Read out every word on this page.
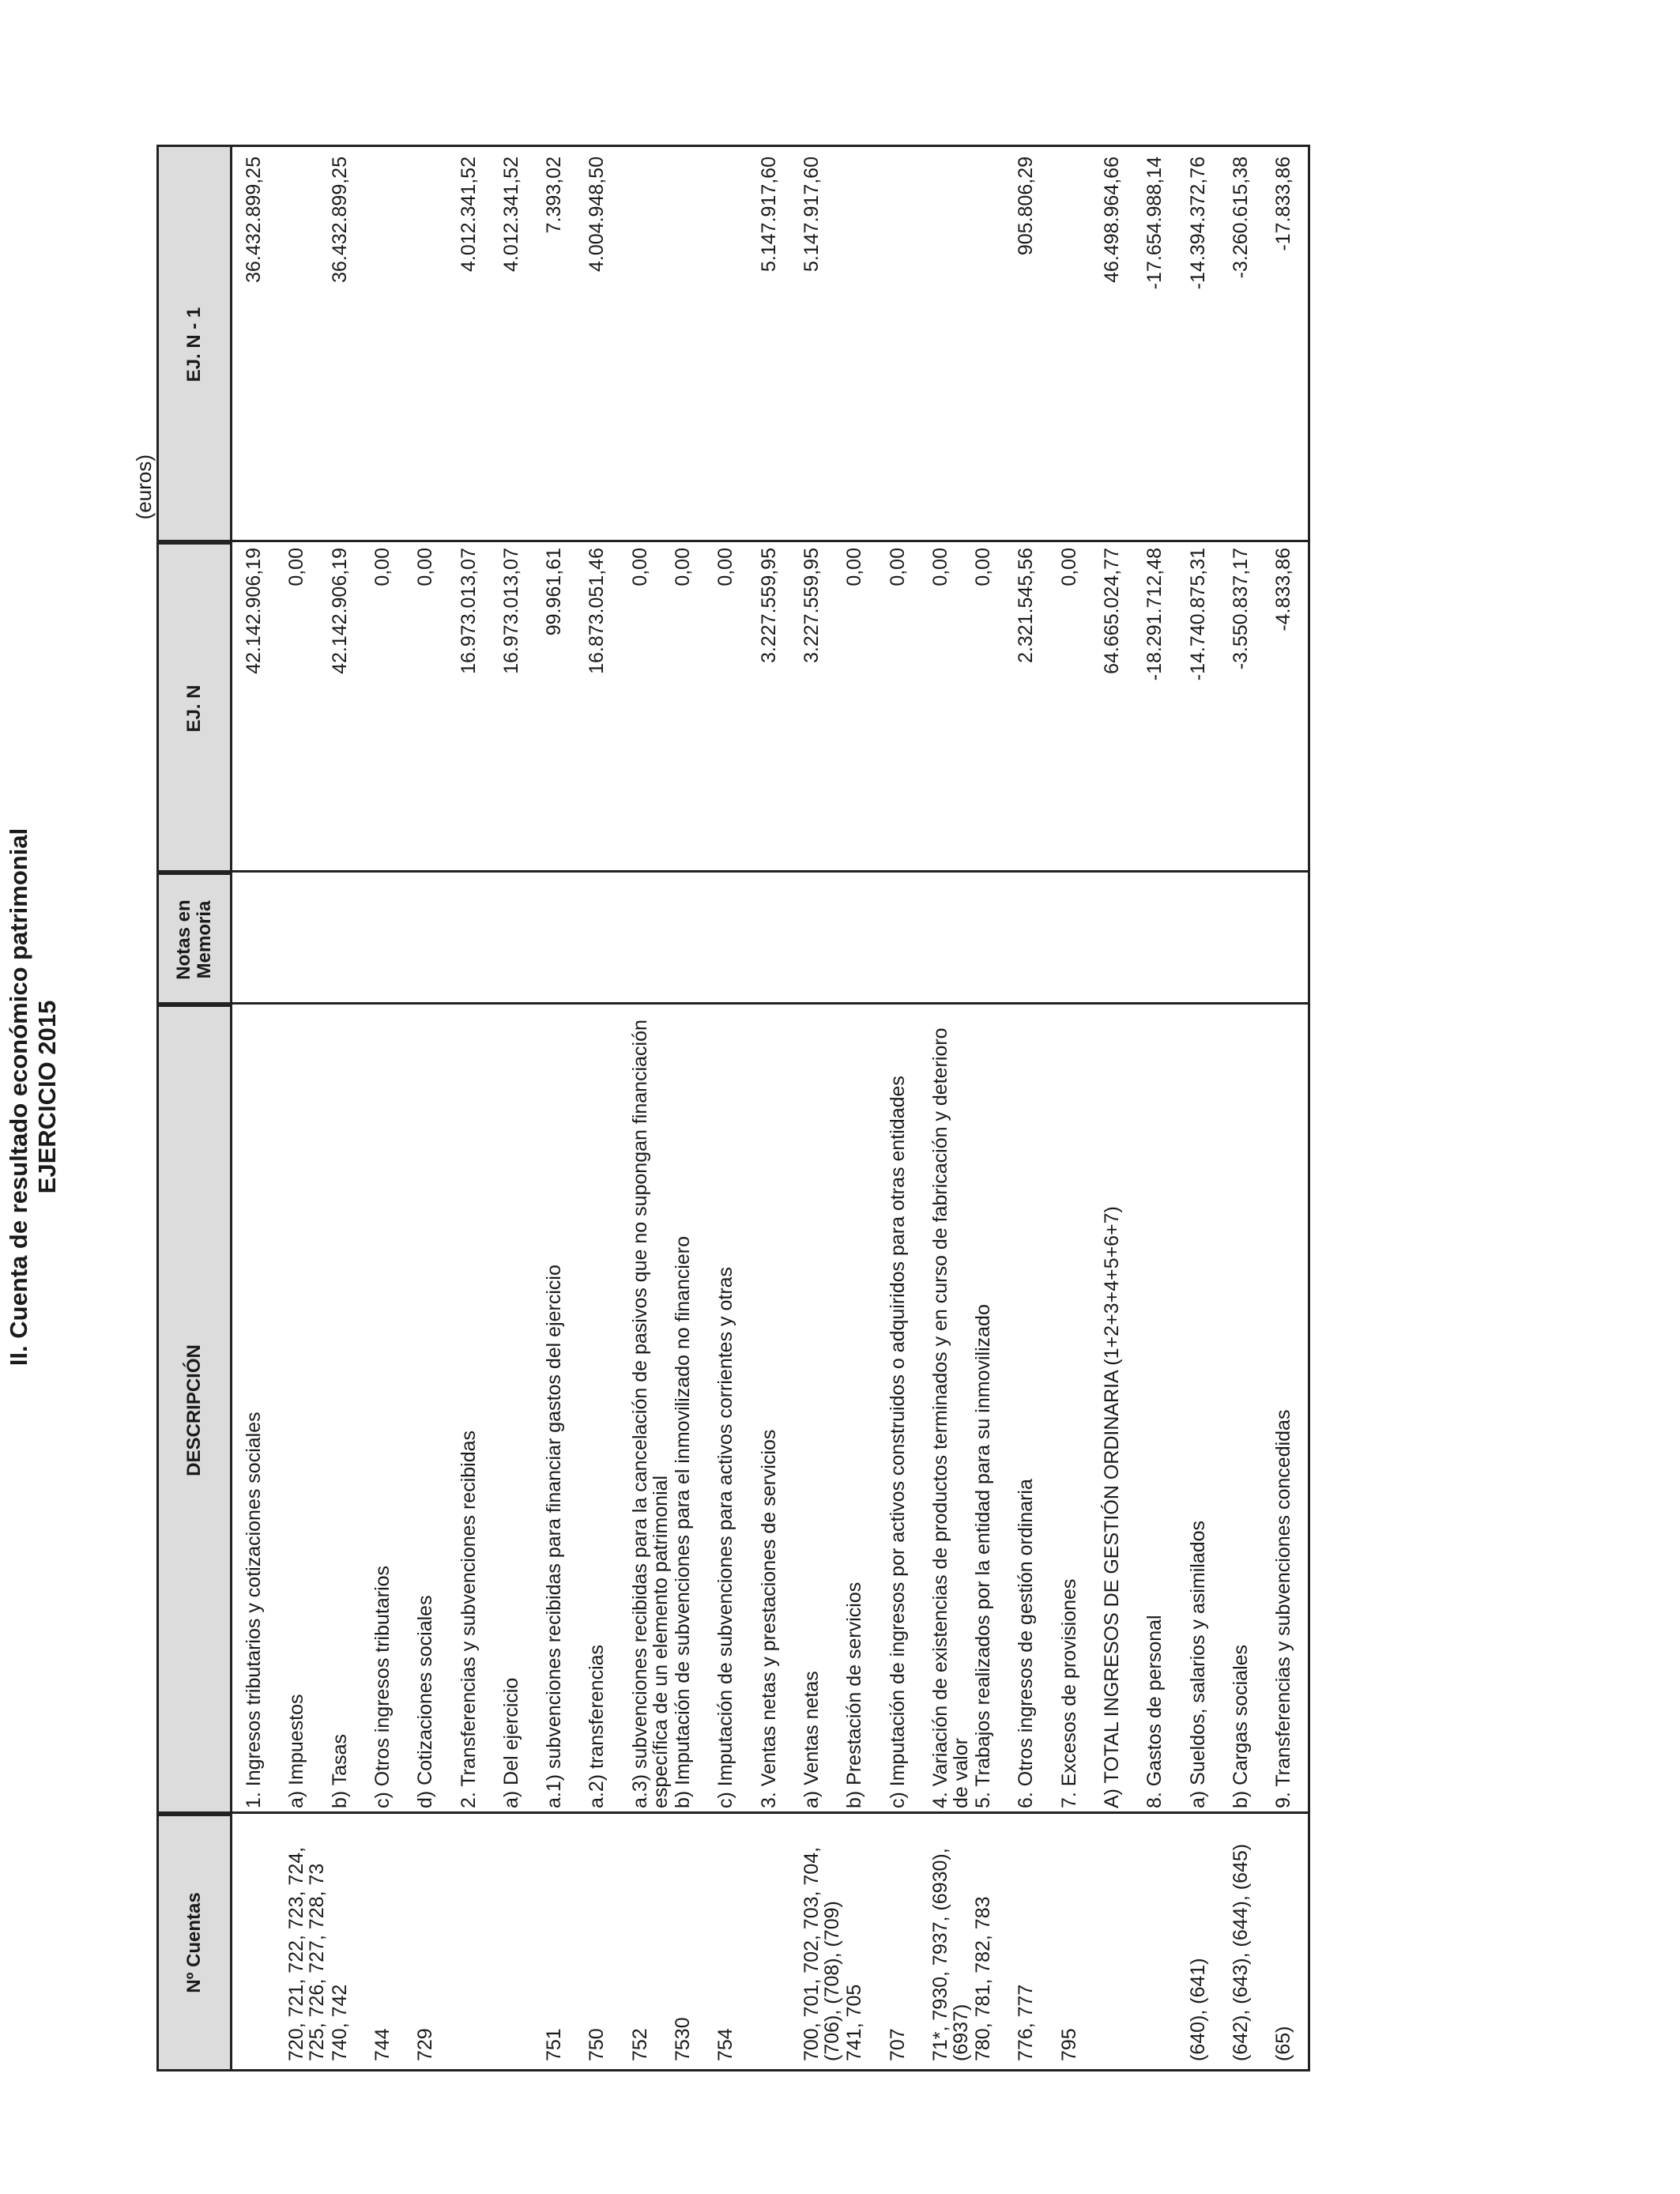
II. Cuenta de resultado económico patrimonial EJERCICIO 2015
(euros)
Nº Cuentas
DESCRIPCIÓN
Notas en Memoria
EJ. N
EJ. N - 1
1. Ingresos tributarios y cotizaciones sociales
42.142.906,19
36.432.899,25
720, 721, 722, 723, 724, 725, 726, 727, 728, 73
a) Impuestos
0,00
740, 742
b) Tasas
42.142.906,19
36.432.899,25
744
c) Otros ingresos tributarios
0,00
729
d) Cotizaciones sociales
0,00
2. Transferencias y subvenciones recibidas
16.973.013,07
4.012.341,52
a) Del ejercicio
16.973.013,07
4.012.341,52
751
a.1) subvenciones recibidas para financiar gastos del ejercicio
99.961,61
7.393,02
750
a.2) transferencias
16.873.051,46
4.004.948,50
752
a.3) subvenciones recibidas para la cancelación de pasivos que no supongan financiación específica de un elemento patrimonial
0,00
7530
b) Imputación de subvenciones para el inmovilizado no financiero
0,00
754
c) Imputación de subvenciones para activos corrientes y otras
0,00
3. Ventas netas y prestaciones de servicios
3.227.559,95
5.147.917,60
700, 701, 702, 703, 704, (706), (708), (709)
a) Ventas netas
3.227.559,95
5.147.917,60
741, 705
b) Prestación de servicios
0,00
707
c) Imputación de ingresos por activos construidos o adquiridos para otras entidades
0,00
71*, 7930, 7937, (6930), (6937)
4. Variación de existencias de productos terminados y en curso de fabricación y deterioro de valor
0,00
780, 781, 782, 783
5. Trabajos realizados por la entidad para su inmovilizado
0,00
776, 777
6. Otros ingresos de gestión ordinaria
2.321.545,56
905.806,29
795
7. Excesos de provisiones
0,00
A) TOTAL INGRESOS DE GESTIÓN ORDINARIA (1+2+3+4+5+6+7)
64.665.024,77
46.498.964,66
8. Gastos de personal
-18.291.712,48
-17.654.988,14
(640), (641)
a) Sueldos, salarios y asimilados
-14.740.875,31
-14.394.372,76
(642), (643), (644), (645)
b) Cargas sociales
-3.550.837,17
-3.260.615,38
(65)
9. Transferencias y subvenciones concedidas
-4.833,86
-17.833,86
